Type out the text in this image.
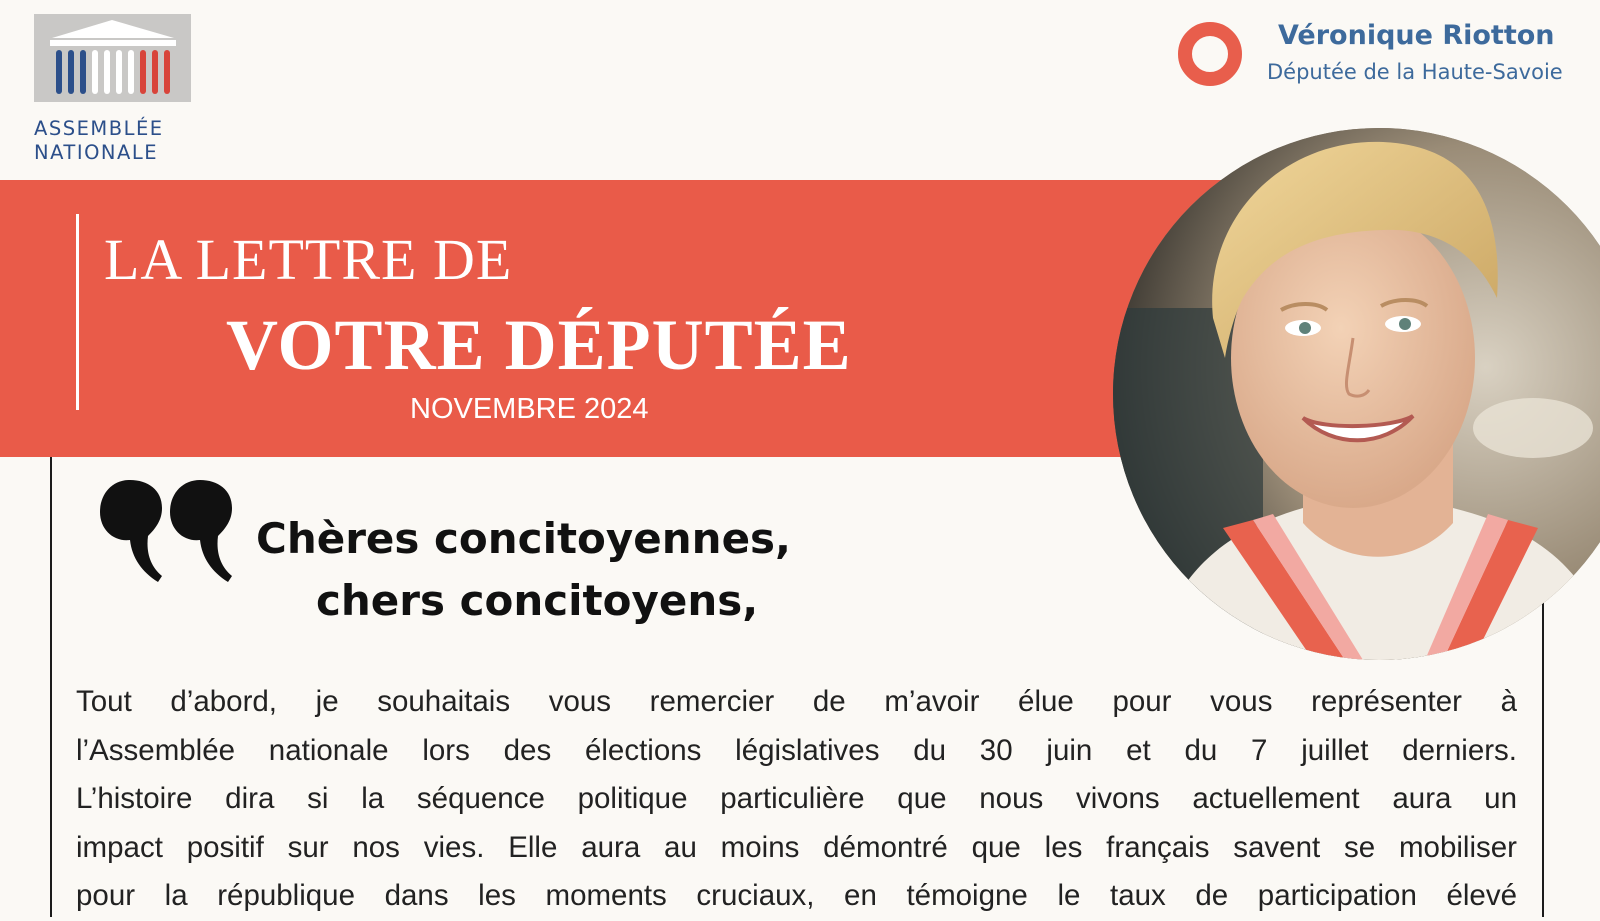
ASSEMBLÉE
NATIONALE
Véronique Riotton
Députée de la Haute-Savoie
LA LETTRE DE
VOTRE DÉPUTÉE
NOVEMBRE 2024
Chères concitoyennes,
chers concitoyens,
Tout d’abord, je souhaitais vous remercier de m’avoir élue pour vous représenter à
l’Assemblée nationale lors des élections législatives du 30 juin et du 7 juillet derniers.
L’histoire dira si la séquence politique particulière que nous vivons actuellement aura un
impact positif sur nos vies. Elle aura au moins démontré que les français savent se mobiliser
pour la république dans les moments cruciaux, en témoigne le taux de participation élevé
